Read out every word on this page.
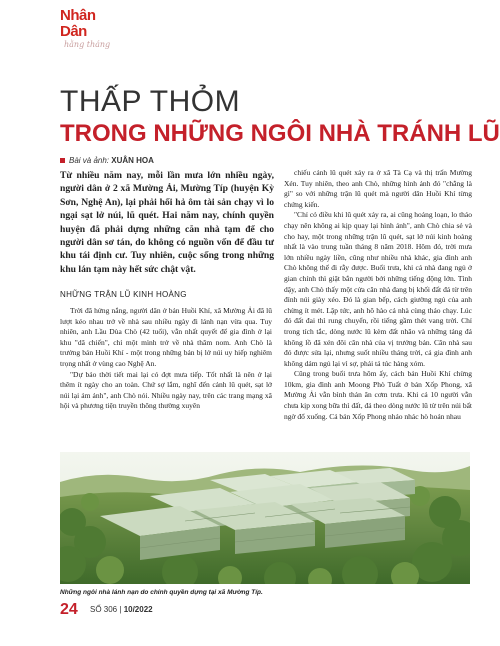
Nhân Dân
hằng tháng
THẤP THỎM
TRONG NHỮNG NGÔI NHÀ TRÁNH LŨ
Bài và ảnh: XUÂN HOA

Từ nhiều năm nay, mỗi lần mưa lớn nhiều ngày, người dân ở 2 xã Mường Ải, Mường Típ (huyện Kỳ Sơn, Nghệ An), lại phải hối hả ôm tài sản chạy vì lo ngại sạt lở núi, lũ quét. Hai năm nay, chính quyền huyện đã phải dựng những căn nhà tạm để cho người dân sơ tán, do không có nguồn vốn để đầu tư khu tái định cư. Tuy nhiên, cuộc sống trong những khu lán tạm này hết sức chật vật.

NHỮNG TRẬN LŨ KINH HOÀNG

Trời đã hửng nắng, người dân ở bản Huồi Khí, xã Mường Ải đã lũ lượt kéo nhau trở về nhà sau nhiều ngày đi lánh nạn vừa qua. Tuy nhiên, anh Lầu Dùa Chò (42 tuổi), vẫn nhất quyết để gia đình ở lại khu "dã chiến", chỉ một mình trở về nhà thăm nom. Anh Chò là trưởng bản Huồi Khí - một trong những bản bị lở núi uy hiếp nghiêm trọng nhất ở vùng cao Nghệ An.

"Dự báo thời tiết mai lại có đợt mưa tiếp. Tốt nhất là nên ở lại thêm ít ngày cho an toàn. Chứ sợ lắm, nghĩ đến cảnh lũ quét, sạt lở núi lại ám ảnh", anh Chò nói. Nhiều ngày nay, trên các trang mạng xã hội và phương tiện truyền thông thường xuyên

chiếu cảnh lũ quét xảy ra ở xã Tà Cạ và thị trấn Mường Xén. Tuy nhiên, theo anh Chò, những hình ảnh đó "chẳng là gì" so với những trận lũ quét mà người dân Huồi Khí từng chứng kiến.

"Chỉ có điều khi lũ quét xảy ra, ai cũng hoảng loạn, lo tháo chạy nên không ai kịp quay lại hình ảnh", anh Chò chia sẻ và cho hay, một trong những trận lũ quét, sạt lở núi kinh hoàng nhất là vào trung tuần tháng 8 năm 2018. Hôm đó, trời mưa lớn nhiều ngày liền, cũng như nhiều nhà khác, gia đình anh Chò không thể đi rẫy được. Buổi trưa, khi cả nhà đang ngủ ở gian chính thì giật bắn người bởi những tiếng động lớn. Tỉnh dậy, anh Chò thấy một cửa căn nhà đang bị khối đất đá từ trên đỉnh núi giày xéo. Đó là gian bếp, cách giường ngủ của anh chừng ít mét. Lập tức, anh hô hào cả nhà cùng tháo chạy. Lúc đó đất đai thì rung chuyển, rồi tiếng gầm thét vang trời. Chỉ trong tích tắc, dòng nước lũ kèm đất nhão và những tảng đá không lồ đã xén đôi căn nhà của vị trưởng bản. Căn nhà sau đó được sửa lại, nhưng suốt nhiều tháng trời, cả gia đình anh không dám ngủ lại vì sợ, phải tá túc hàng xóm.

Cũng trong buổi trưa hôm ấy, cách bản Huồi Khí chừng 10km, gia đình anh Moong Phò Tuất ở bản Xốp Phong, xã Mường Ải vẫn bình thản ăn cơm trưa. Khi cả 10 người vẫn chưa kịp xong bữa thì đất, đá theo dòng nước lũ từ trên núi bất ngờ đổ xuống. Cả bản Xốp Phong nháo nhác hò hoán nhau

Những ngôi nhà lánh nạn do chính quyền dựng tại xã Mường Típ.
24 SỐ 306 | 10/2022
